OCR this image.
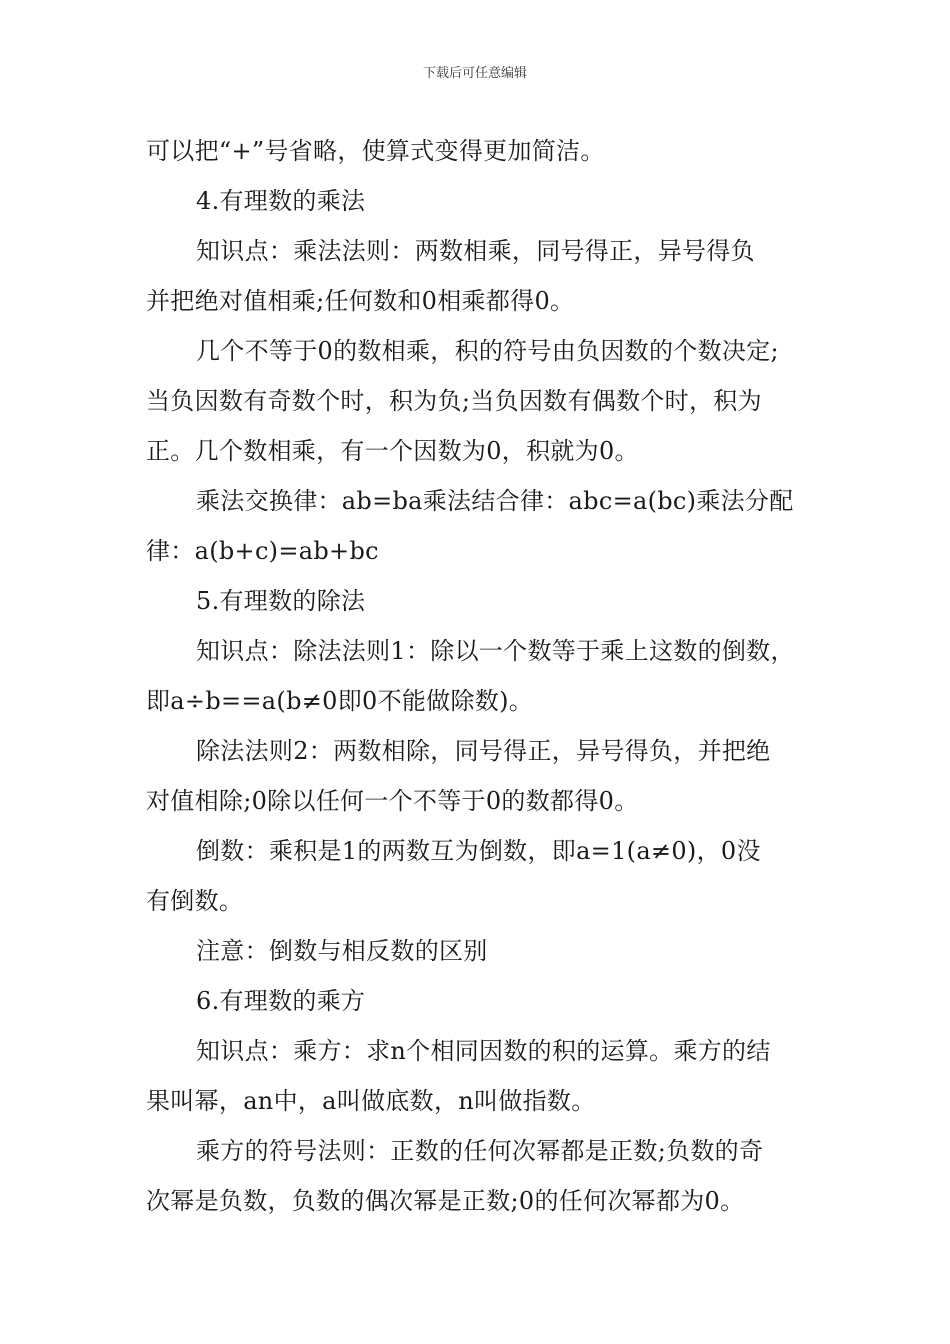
下载后可任意编辑

可以把“+”号省略，使算式变得更加简洁。

4.有理数的乘法

知识点：乘法法则：两数相乘，同号得正，异号得负

并把绝对值相乘;任何数和0相乘都得0。

几个不等于0的数相乘，积的符号由负因数的个数决定;

当负因数有奇数个时，积为负;当负因数有偶数个时，积为

正。几个数相乘，有一个因数为0，积就为0。

乘法交换律：ab=ba乘法结合律：abc=a(bc)乘法分配

律：a(b+c)=ab+bc

5.有理数的除法

知识点：除法法则1：除以一个数等于乘上这数的倒数，

即a÷b==a(b≠0即0不能做除数)。

除法法则2：两数相除，同号得正，异号得负，并把绝

对值相除;0除以任何一个不等于0的数都得0。

倒数：乘积是1的两数互为倒数，即a=1(a≠0)，0没

有倒数。

注意：倒数与相反数的区别

6.有理数的乘方

知识点：乘方：求n个相同因数的积的运算。乘方的结

果叫幂，an中，a叫做底数，n叫做指数。

乘方的符号法则：正数的任何次幂都是正数;负数的奇

次幂是负数，负数的偶次幂是正数;0的任何次幂都为0。
